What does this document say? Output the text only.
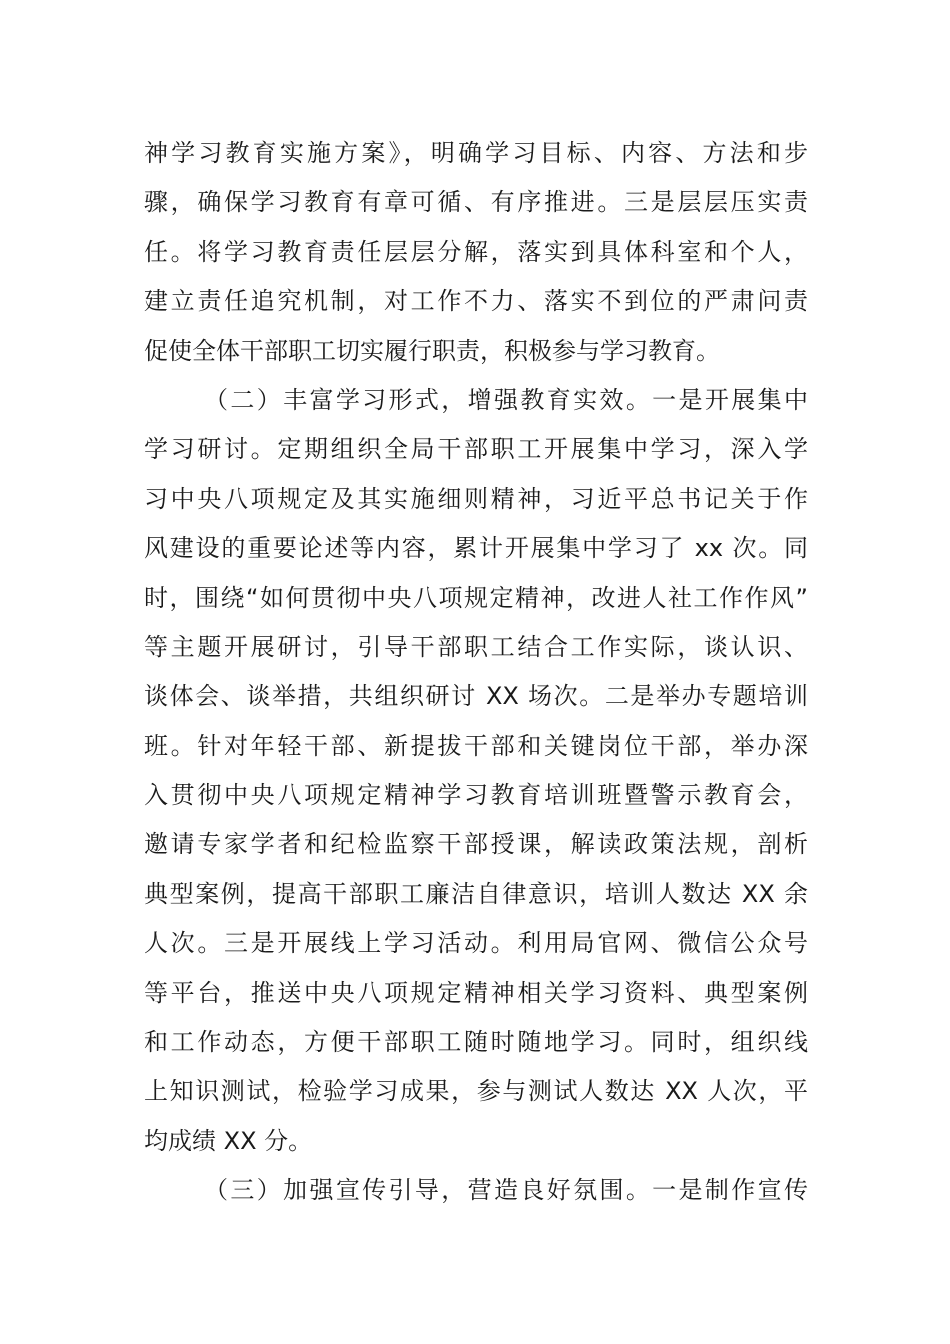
神学习教育实施方案》，明确学习目标、内容、方法和步
骤，确保学习教育有章可循、有序推进。三是层层压实责
任。将学习教育责任层层分解，落实到具体科室和个人，
建立责任追究机制，对工作不力、落实不到位的严肃问责
促使全体干部职工切实履行职责，积极参与学习教育。
（二）丰富学习形式，增强教育实效。一是开展集中
学习研讨。定期组织全局干部职工开展集中学习，深入学
习中央八项规定及其实施细则精神，习近平总书记关于作
风建设的重要论述等内容，累计开展集中学习了 xx 次。同
时，围绕“如何贯彻中央八项规定精神，改进人社工作作风”
等主题开展研讨，引导干部职工结合工作实际，谈认识、
谈体会、谈举措，共组织研讨 XX 场次。二是举办专题培训
班。针对年轻干部、新提拔干部和关键岗位干部，举办深
入贯彻中央八项规定精神学习教育培训班暨警示教育会，
邀请专家学者和纪检监察干部授课，解读政策法规，剖析
典型案例，提高干部职工廉洁自律意识，培训人数达 XX 余
人次。三是开展线上学习活动。利用局官网、微信公众号
等平台，推送中央八项规定精神相关学习资料、典型案例
和工作动态，方便干部职工随时随地学习。同时，组织线
上知识测试，检验学习成果，参与测试人数达 XX 人次，平
均成绩 XX 分。
（三）加强宣传引导，营造良好氛围。一是制作宣传
